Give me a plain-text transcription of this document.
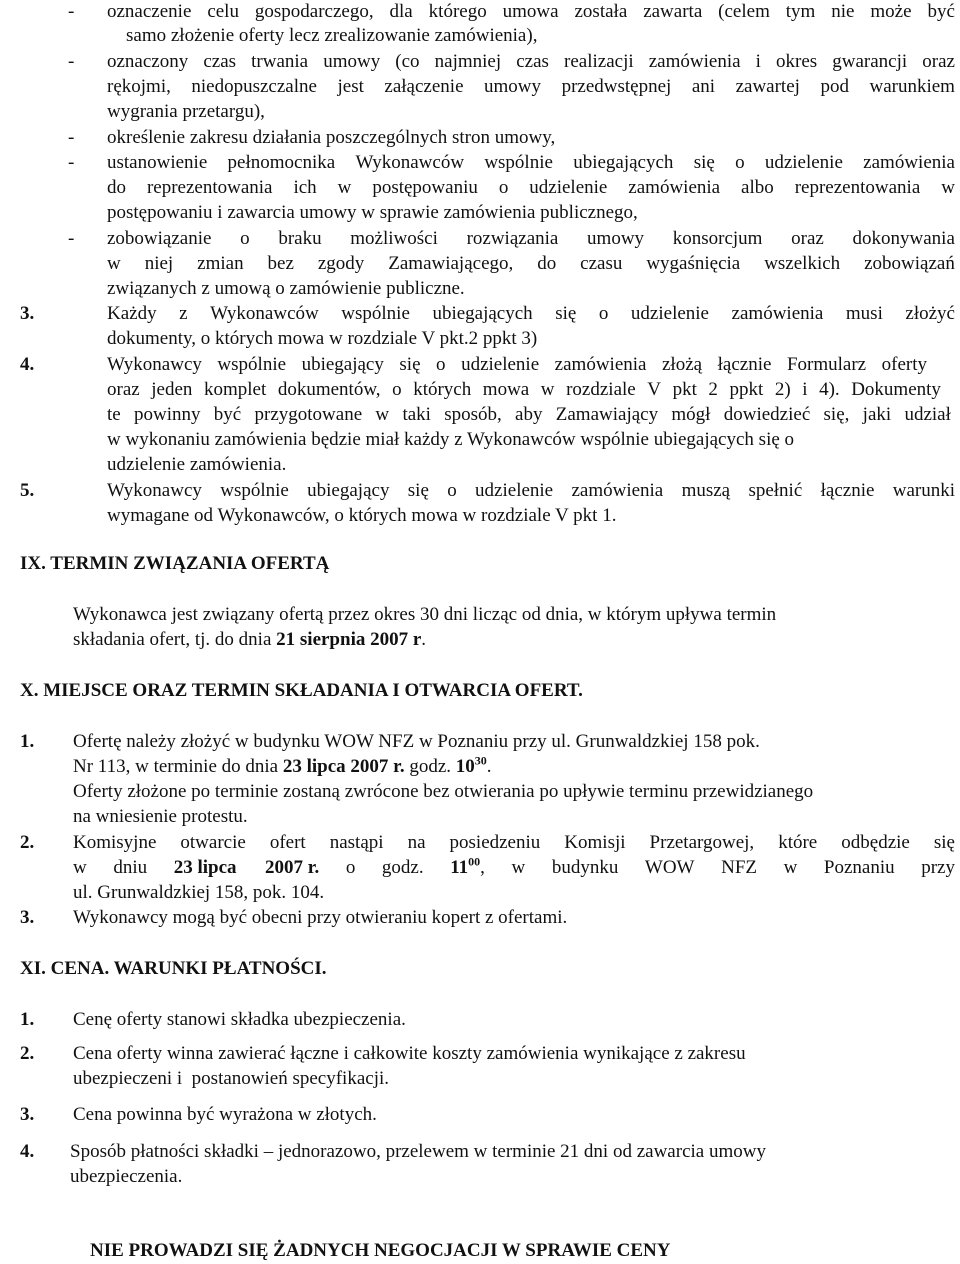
- oznaczenie celu gospodarczego, dla którego umowa została zawarta (celem tym nie może być
samo złożenie oferty lecz zrealizowanie zamówienia),
- oznaczony czas trwania umowy (co najmniej czas realizacji zamówienia i okres gwarancji oraz
rękojmi, niedopuszczalne jest załączenie umowy przedwstępnej ani zawartej pod warunkiem
wygrania przetargu),
- określenie zakresu działania poszczególnych stron umowy,
- ustanowienie pełnomocnika Wykonawców wspólnie ubiegających się o udzielenie zamówienia
do reprezentowania ich w postępowaniu o udzielenie zamówienia albo reprezentowania w
postępowaniu i zawarcia umowy w sprawie zamówienia publicznego,
- zobowiązanie o braku możliwości rozwiązania umowy konsorcjum oraz dokonywania
w niej zmian bez zgody Zamawiającego, do czasu wygaśnięcia wszelkich zobowiązań
związanych z umową o zamówienie publiczne.
3.	Każdy z Wykonawców wspólnie ubiegających się o udzielenie zamówienia musi złożyć
dokumenty, o których mowa w rozdziale V pkt.2 ppkt 3)
4.	Wykonawcy wspólnie ubiegający się o udzielenie zamówienia złożą łącznie Formularz oferty
oraz jeden komplet dokumentów, o których mowa w rozdziale V pkt 2 ppkt 2) i 4). Dokumenty
te powinny być przygotowane w taki sposób, aby Zamawiający mógł dowiedzieć się, jaki udział
w wykonaniu zamówienia będzie miał każdy z Wykonawców wspólnie ubiegających się o
udzielenie zamówienia.
5.	Wykonawcy wspólnie ubiegający się o udzielenie zamówienia muszą spełnić łącznie warunki
wymagane od Wykonawców, o których mowa w rozdziale V pkt 1.
IX. TERMIN ZWIĄZANIA OFERTĄ
Wykonawca jest związany ofertą przez okres 30 dni licząc od dnia, w którym upływa termin
składania ofert, tj. do dnia 21 sierpnia 2007 r.
X. MIEJSCE ORAZ TERMIN SKŁADANIA I OTWARCIA OFERT.
1. Ofertę należy złożyć w budynku WOW NFZ w Poznaniu przy ul. Grunwaldzkiej 158 pok.
Nr 113, w terminie do dnia 23 lipca 2007 r. godz. $10^{30}$.
Oferty złożone po terminie zostaną zwrócone bez otwierania po upływie terminu przewidzianego
na wniesienie protestu.
2. Komisyjne otwarcie ofert nastąpi na posiedzeniu Komisji Przetargowej, które odbędzie się
w dniu 23 lipca 2007 r. o godz. $11^{00}$, w budynku WOW NFZ w Poznaniu przy
ul. Grunwaldzkiej 158, pok. 104.
3. Wykonawcy mogą być obecni przy otwieraniu kopert z ofertami.
XI. CENA. WARUNKI PŁATNOŚCI.
1. Cenę oferty stanowi składka ubezpieczenia.
2. Cena oferty winna zawierać łączne i całkowite koszty zamówienia wynikające z zakresu
ubezpieczeni i  postanowień specyfikacji.
3. Cena powinna być wyrażona w złotych.
4. Sposób płatności składki – jednorazowo, przelewem w terminie 21 dni od zawarcia umowy
ubezpieczenia.
NIE PROWADZI SIĘ ŻADNYCH NEGOCJACJI W SPRAWIE CENY
